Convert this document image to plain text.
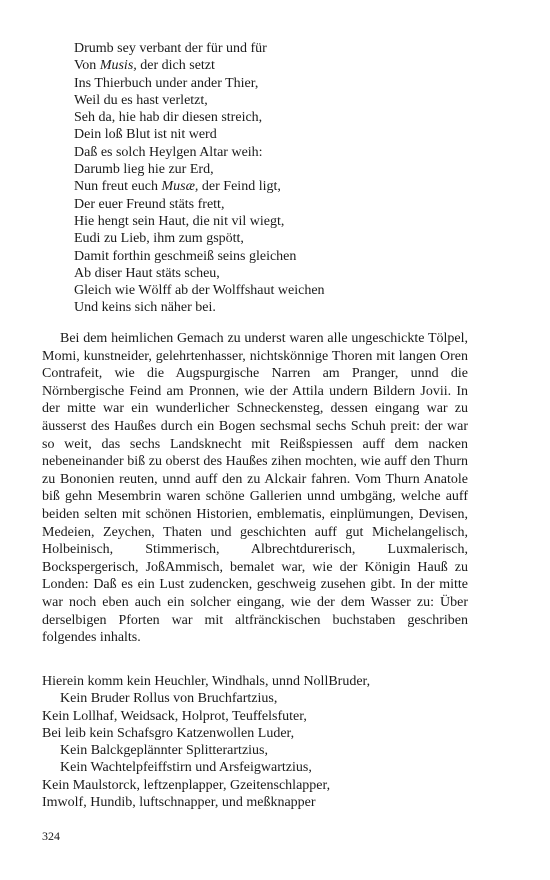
Drumb sey verbant der für und für
Von Musis, der dich setzt
Ins Thierbuch under ander Thier,
Weil du es hast verletzt,
Seh da, hie hab dir diesen streich,
Dein loß Blut ist nit werd
Daß es solch Heylgen Altar weih:
Darumb lieg hie zur Erd,
Nun freut euch Musæ, der Feind ligt,
Der euer Freund stäts frett,
Hie hengt sein Haut, die nit vil wiegt,
Eudi zu Lieb, ihm zum gspött,
Damit forthin geschmeiß seins gleichen
Ab diser Haut stäts scheu,
Gleich wie Wölff ab der Wolffshaut weichen
Und keins sich näher bei.

Bei dem heimlichen Gemach zu underst waren alle ungeschickte Tölpel, Momi, kunstneider, gelehrtenhasser, nichtskönnige Thoren mit langen Oren Contrafeit, wie die Augspurgische Narren am Pranger, unnd die Nörnbergische Feind am Pronnen, wie der Attila undern Bildern Jovii. In der mitte war ein wunderlicher Schneckensteg, dessen eingang war zu äusserst des Haußes durch ein Bogen sechsmal sechs Schuh preit: der war so weit, das sechs Landsknecht mit Reißspiessen auff dem nacken nebeneinander biß zu oberst des Haußes zihen mochten, wie auff den Thurn zu Bononien reuten, unnd auff den zu Alckair fahren. Vom Thurn Anatole biß gehn Mesembrin waren schöne Gallerien unnd umbgäng, welche auff beiden selten mit schönen Historien, emblematis, einplümungen, Devisen, Medeien, Zeychen, Thaten und geschichten auff gut Michelangelisch, Holbeinisch, Stimmerisch, Albrechtdurerisch, Luxmalerisch, Bockspergerisch, JoßAmmisch, bemalet war, wie der Königin Hauß zu Londen: Daß es ein Lust zudencken, geschweig zusehen gibt. In der mitte war noch eben auch ein solcher eingang, wie der dem Wasser zu: Über derselbigen Pforten war mit altfränckischen buchstaben geschriben folgendes inhalts.

Hierein komm kein Heuchler, Windhals, unnd NollBruder,
Kein Bruder Rollus von Bruchfartzius,
Kein Lollhaf, Weidsack, Holprot, Teuffelsfuter,
Bei leib kein Schafsgro Katzenwollen Luder,
Kein Balckgeplännter Splitterartzius,
Kein Wachtelpfeiffstirn und Arsfeigwartzius,
Kein Maulstorck, leftzenplapper, Gzeitenschlapper,
Imwolf, Hundib, luftschnapper, und meßknapper
324
